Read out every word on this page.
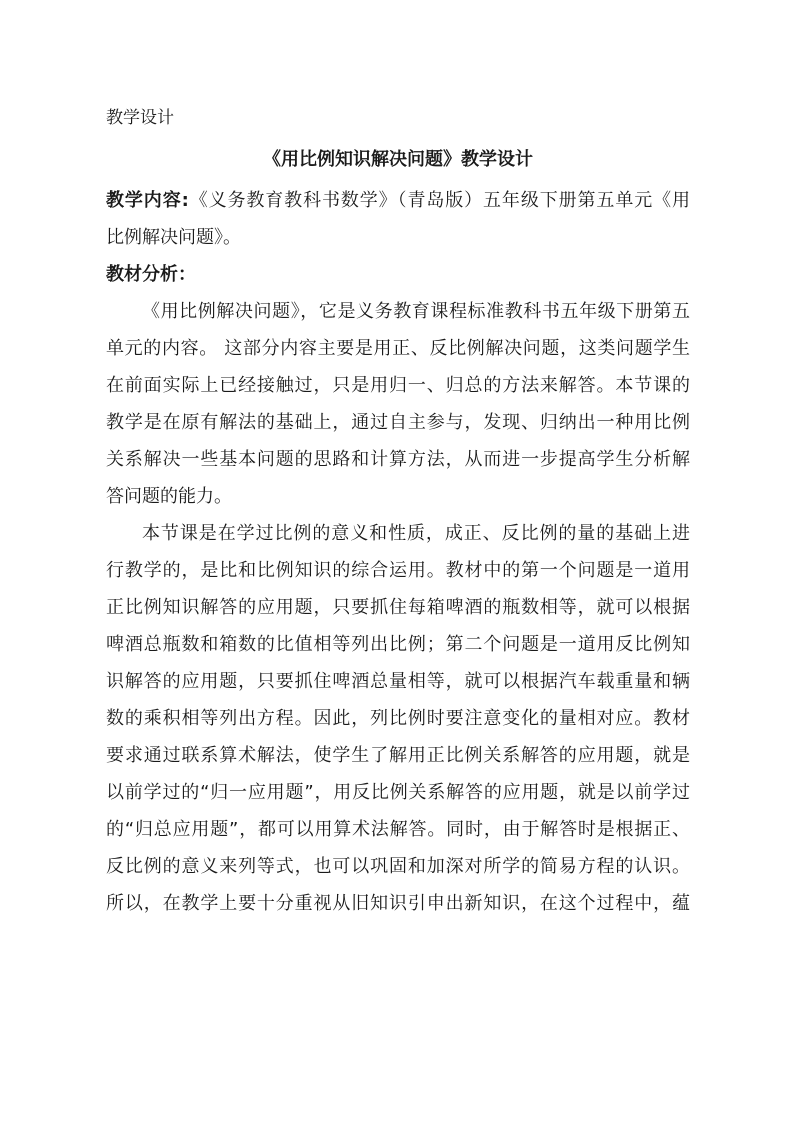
教学设计
《用比例知识解决问题》教学设计

教学内容:《义务教育教科书数学》（青岛版）五年级下册第五单元《用
比例解决问题》。

教材分析：

《用比例解决问题》，它是义务教育课程标准教科书五年级下册第五
单元的内容。 这部分内容主要是用正、反比例解决问题，这类问题学生
在前面实际上已经接触过，只是用归一、归总的方法来解答。本节课的
教学是在原有解法的基础上，通过自主参与，发现、归纳出一种用比例
关系解决一些基本问题的思路和计算方法，从而进一步提高学生分析解
答问题的能力。

本节课是在学过比例的意义和性质，成正、反比例的量的基础上进
行教学的，是比和比例知识的综合运用。教材中的第一个问题是一道用
正比例知识解答的应用题，只要抓住每箱啤酒的瓶数相等，就可以根据
啤酒总瓶数和箱数的比值相等列出比例；第二个问题是一道用反比例知
识解答的应用题，只要抓住啤酒总量相等，就可以根据汽车载重量和辆
数的乘积相等列出方程。因此，列比例时要注意变化的量相对应。教材
要求通过联系算术解法，使学生了解用正比例关系解答的应用题，就是
以前学过的“归一应用题”，用反比例关系解答的应用题，就是以前学过
的“归总应用题”，都可以用算术法解答。同时，由于解答时是根据正、
反比例的意义来列等式，也可以巩固和加深对所学的简易方程的认识。
所以，在教学上要十分重视从旧知识引申出新知识，在这个过程中，蕴
